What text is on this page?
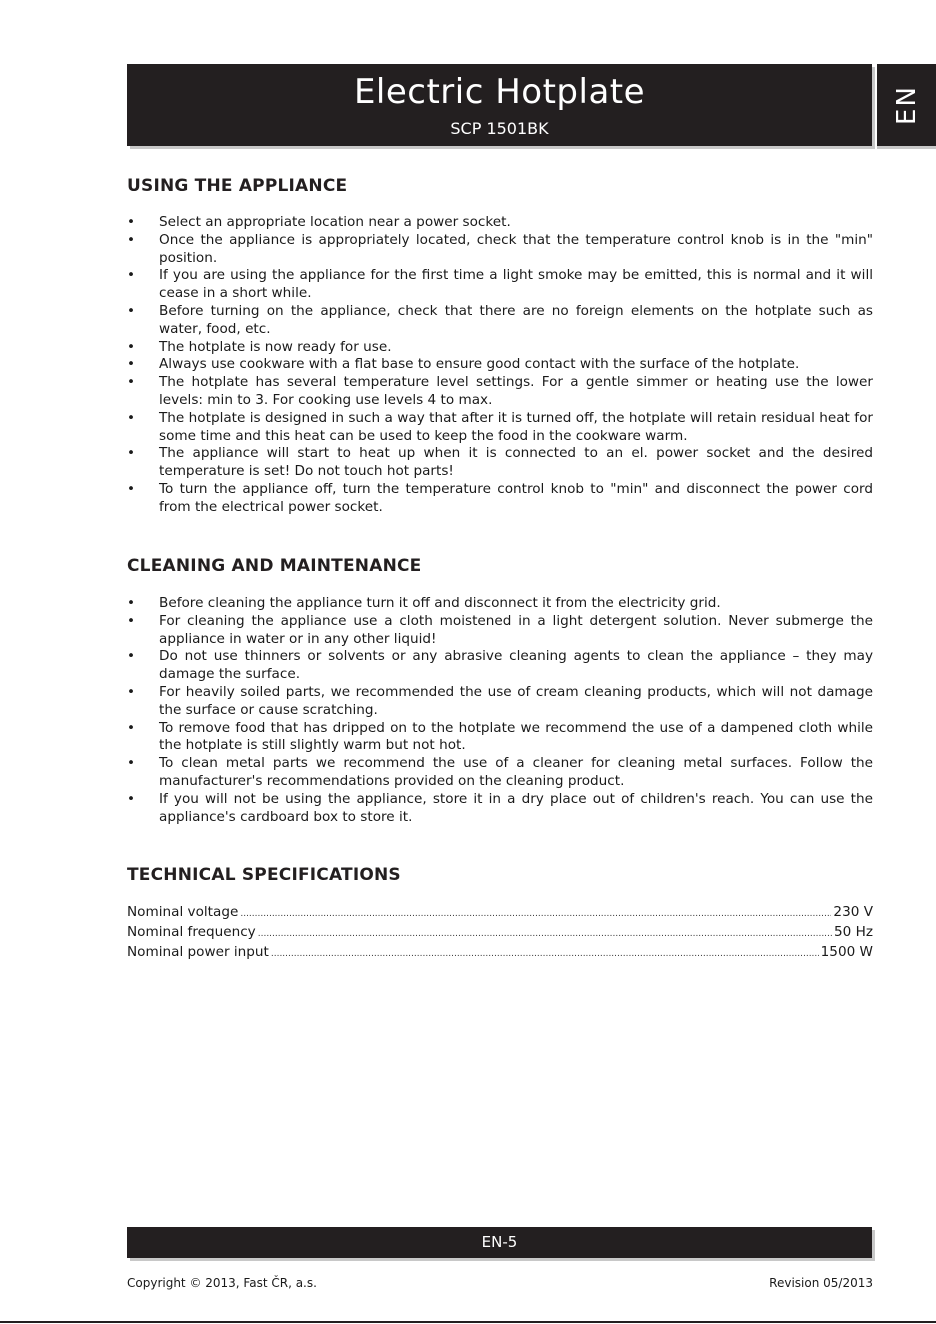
Electric Hotplate
SCP 1501BK
EN
USING THE APPLIANCE
• Select an appropriate location near a power socket.
• Once the appliance is appropriately located, check that the temperature control knob is in the "min" position.
• If you are using the appliance for the first time a light smoke may be emitted, this is normal and it will cease in a short while.
• Before turning on the appliance, check that there are no foreign elements on the hotplate such as water, food, etc.
• The hotplate is now ready for use.
• Always use cookware with a flat base to ensure good contact with the surface of the hotplate.
• The hotplate has several temperature level settings. For a gentle simmer or heating use the lower levels: min to 3. For cooking use levels 4 to max.
• The hotplate is designed in such a way that after it is turned off, the hotplate will retain residual heat for some time and this heat can be used to keep the food in the cookware warm.
• The appliance will start to heat up when it is connected to an el. power socket and the desired temperature is set! Do not touch hot parts!
• To turn the appliance off, turn the temperature control knob to "min" and disconnect the power cord from the electrical power socket.
CLEANING AND MAINTENANCE
• Before cleaning the appliance turn it off and disconnect it from the electricity grid.
• For cleaning the appliance use a cloth moistened in a light detergent solution. Never submerge the appliance in water or in any other liquid!
• Do not use thinners or solvents or any abrasive cleaning agents to clean the appliance – they may damage the surface.
• For heavily soiled parts, we recommended the use of cream cleaning products, which will not damage the surface or cause scratching.
• To remove food that has dripped on to the hotplate we recommend the use of a dampened cloth while the hotplate is still slightly warm but not hot.
• To clean metal parts we recommend the use of a cleaner for cleaning metal surfaces. Follow the manufacturer's recommendations provided on the cleaning product.
• If you will not be using the appliance, store it in a dry place out of children's reach. You can use the appliance's cardboard box to store it.
TECHNICAL SPECIFICATIONS
Nominal voltage .....	230 V
Nominal frequency .....	50 Hz
Nominal power input .....	1500 W
EN-5
Copyright © 2013, Fast ČR, a.s.	Revision 05/2013
